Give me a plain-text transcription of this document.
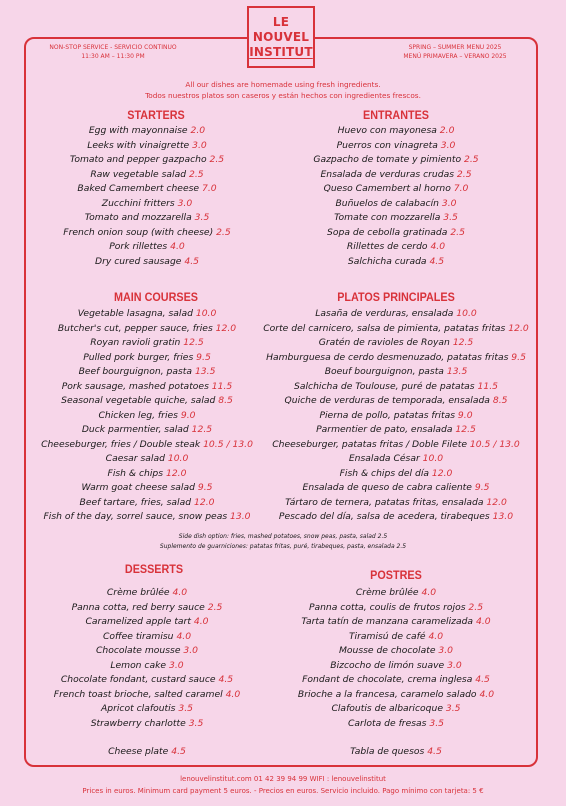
LE NOUVEL
INSTITUT
NON-STOP SERVICE - SERVICIO CONTINUO
11:30 AM – 11:30 PM
SPRING – SUMMER MENU 2025
MENÚ PRIMAVERA – VERANO 2025
All our dishes are homemade using fresh ingredients.
Todos nuestros platos son caseros y están hechos con ingredientes frescos.
STARTERS	ENTRANTES
MAIN COURSES	PLATOS PRINCIPALES
DESSERTS	POSTRES
Egg with mayonnaise 2.0
Leeks with vinaigrette 3.0
Tomato and pepper gazpacho 2.5
Raw vegetable salad 2.5
Baked Camembert cheese 7.0
Zucchini fritters 3.0
Tomato and mozzarella 3.5
French onion soup (with cheese) 2.5
Pork rillettes 4.0
Dry cured sausage 4.5
Huevo con mayonesa 2.0
Puerros con vinagreta 3.0
Gazpacho de tomate y pimiento 2.5
Ensalada de verduras crudas 2.5
Queso Camembert al horno 7.0
Buñuelos de calabacín 3.0
Tomate con mozzarella 3.5
Sopa de cebolla gratinada 2.5
Rillettes de cerdo 4.0
Salchicha curada 4.5
Vegetable lasagna, salad 10.0
Butcher's cut, pepper sauce, fries 12.0
Royan ravioli gratin 12.5
Pulled pork burger, fries 9.5
Beef bourguignon, pasta 13.5
Pork sausage, mashed potatoes 11.5
Seasonal vegetable quiche, salad 8.5
Chicken leg, fries 9.0
Duck parmentier, salad 12.5
Cheeseburger, fries / Double steak 10.5 / 13.0
Caesar salad 10.0
Fish & chips 12.0
Warm goat cheese salad 9.5
Beef tartare, fries, salad 12.0
Fish of the day, sorrel sauce, snow peas 13.0
Lasaña de verduras, ensalada 10.0
Corte del carnicero, salsa de pimienta, patatas fritas 12.0
Gratén de ravioles de Royan 12.5
Hamburguesa de cerdo desmenuzado, patatas fritas 9.5
Boeuf bourguignon, pasta 13.5
Salchicha de Toulouse, puré de patatas 11.5
Quiche de verduras de temporada, ensalada 8.5
Pierna de pollo, patatas fritas 9.0
Parmentier de pato, ensalada 12.5
Cheeseburger, patatas fritas / Doble Filete 10.5 / 13.0
Ensalada César 10.0
Fish & chips del día 12.0
Ensalada de queso de cabra caliente 9.5
Tártaro de ternera, patatas fritas, ensalada 12.0
Pescado del día, salsa de acedera, tirabeques 13.0
Side dish option: fries, mashed potatoes, snow peas, pasta, salad 2.5
Suplemento de guarniciones: patatas fritas, puré, tirabeques, pasta, ensalada 2.5
Crème brûlée 4.0
Panna cotta, red berry sauce 2.5
Caramelized apple tart 4.0
Coffee tiramisu 4.0
Chocolate mousse 3.0
Lemon cake 3.0
Chocolate fondant, custard sauce 4.5
French toast brioche, salted caramel 4.0
Apricot clafoutis 3.5
Strawberry charlotte 3.5
Cheese plate 4.5
Crème brûlée 4.0
Panna cotta, coulis de frutos rojos 2.5
Tarta tatín de manzana caramelizada 4.0
Tiramisú de café 4.0
Mousse de chocolate 3.0
Bizcocho de limón suave 3.0
Fondant de chocolate, crema inglesa 4.5
Brioche a la francesa, caramelo salado 4.0
Clafoutis de albaricoque 3.5
Carlota de fresas 3.5
Tabla de quesos 4.5
lenouvelinstitut.com 01 42 39 94 99 WIFI : lenouvelinstitut
Prices in euros. Minimum card payment 5 euros. - Precios en euros. Servicio incluido. Pago mínimo con tarjeta: 5 €
